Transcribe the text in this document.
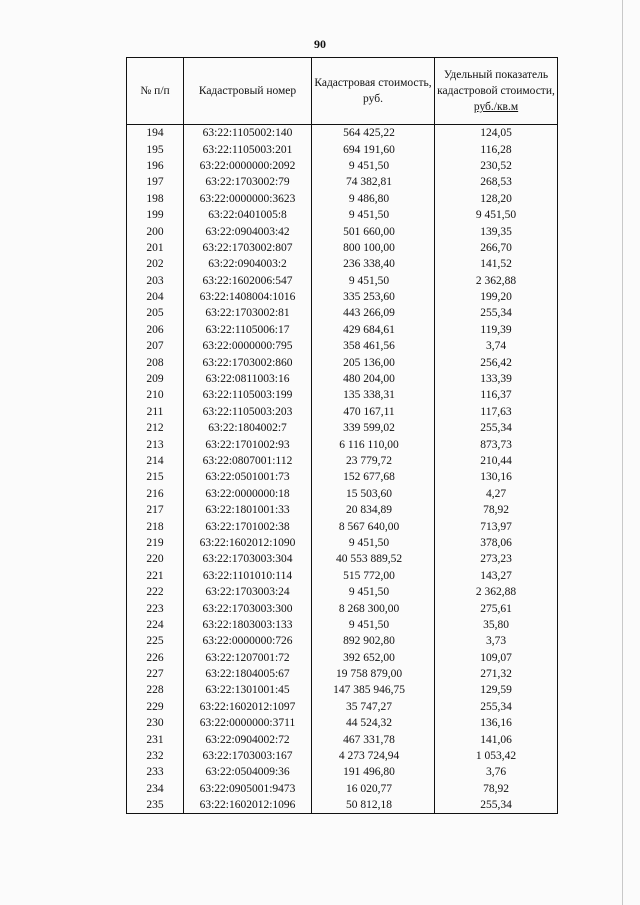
90
№ п/п	Кадастровый номер	Кадастровая стоимость, руб.	Удельный показатель кадастровой стоимости,
руб./кв.м
194	63:22:1105002:140	564 425,22	124,05
195	63:22:1105003:201	694 191,60	116,28
196	63:22:0000000:2092	9 451,50	230,52
197	63:22:1703002:79	74 382,81	268,53
198	63:22:0000000:3623	9 486,80	128,20
199	63:22:0401005:8	9 451,50	9 451,50
200	63:22:0904003:42	501 660,00	139,35
201	63:22:1703002:807	800 100,00	266,70
202	63:22:0904003:2	236 338,40	141,52
203	63:22:1602006:547	9 451,50	2 362,88
204	63:22:1408004:1016	335 253,60	199,20
205	63:22:1703002:81	443 266,09	255,34
206	63:22:1105006:17	429 684,61	119,39
207	63:22:0000000:795	358 461,56	3,74
208	63:22:1703002:860	205 136,00	256,42
209	63:22:0811003:16	480 204,00	133,39
210	63:22:1105003:199	135 338,31	116,37
211	63:22:1105003:203	470 167,11	117,63
212	63:22:1804002:7	339 599,02	255,34
213	63:22:1701002:93	6 116 110,00	873,73
214	63:22:0807001:112	23 779,72	210,44
215	63:22:0501001:73	152 677,68	130,16
216	63:22:0000000:18	15 503,60	4,27
217	63:22:1801001:33	20 834,89	78,92
218	63:22:1701002:38	8 567 640,00	713,97
219	63:22:1602012:1090	9 451,50	378,06
220	63:22:1703003:304	40 553 889,52	273,23
221	63:22:1101010:114	515 772,00	143,27
222	63:22:1703003:24	9 451,50	2 362,88
223	63:22:1703003:300	8 268 300,00	275,61
224	63:22:1803003:133	9 451,50	35,80
225	63:22:0000000:726	892 902,80	3,73
226	63:22:1207001:72	392 652,00	109,07
227	63:22:1804005:67	19 758 879,00	271,32
228	63:22:1301001:45	147 385 946,75	129,59
229	63:22:1602012:1097	35 747,27	255,34
230	63:22:0000000:3711	44 524,32	136,16
231	63:22:0904002:72	467 331,78	141,06
232	63:22:1703003:167	4 273 724,94	1 053,42
233	63:22:0504009:36	191 496,80	3,76
234	63:22:0905001:9473	16 020,77	78,92
235	63:22:1602012:1096	50 812,18	255,34
